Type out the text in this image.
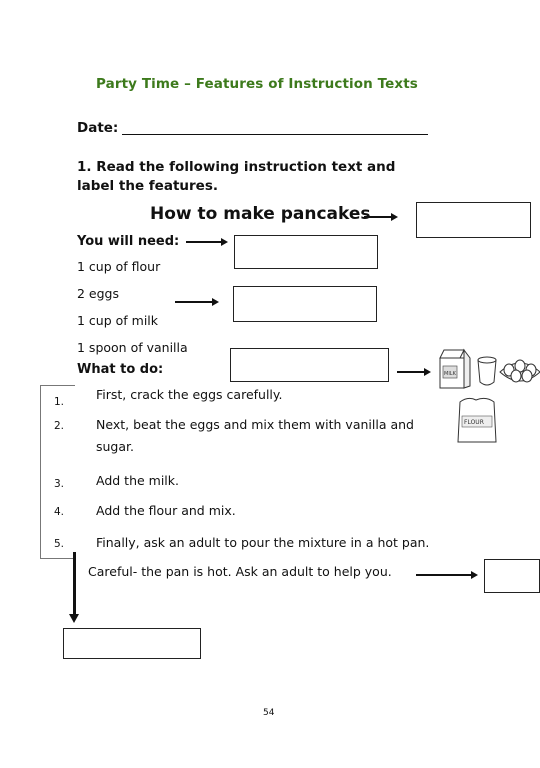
Party Time – Features of Instruction Texts
Date:
1. Read the following instruction text and label the features.
How to make pancakes
You will need:
1 cup of flour
2 eggs
1 cup of milk
1 spoon of vanilla
What to do:	MILK
FLOUR
1.
2.
3.
4.
5.
First, crack the eggs carefully.
Next, beat the eggs and mix them with vanilla and sugar.
Add the milk.
Add the flour and mix.
Finally, ask an adult to pour the mixture in a hot pan.
Careful- the pan is hot. Ask an adult to help you.
54
